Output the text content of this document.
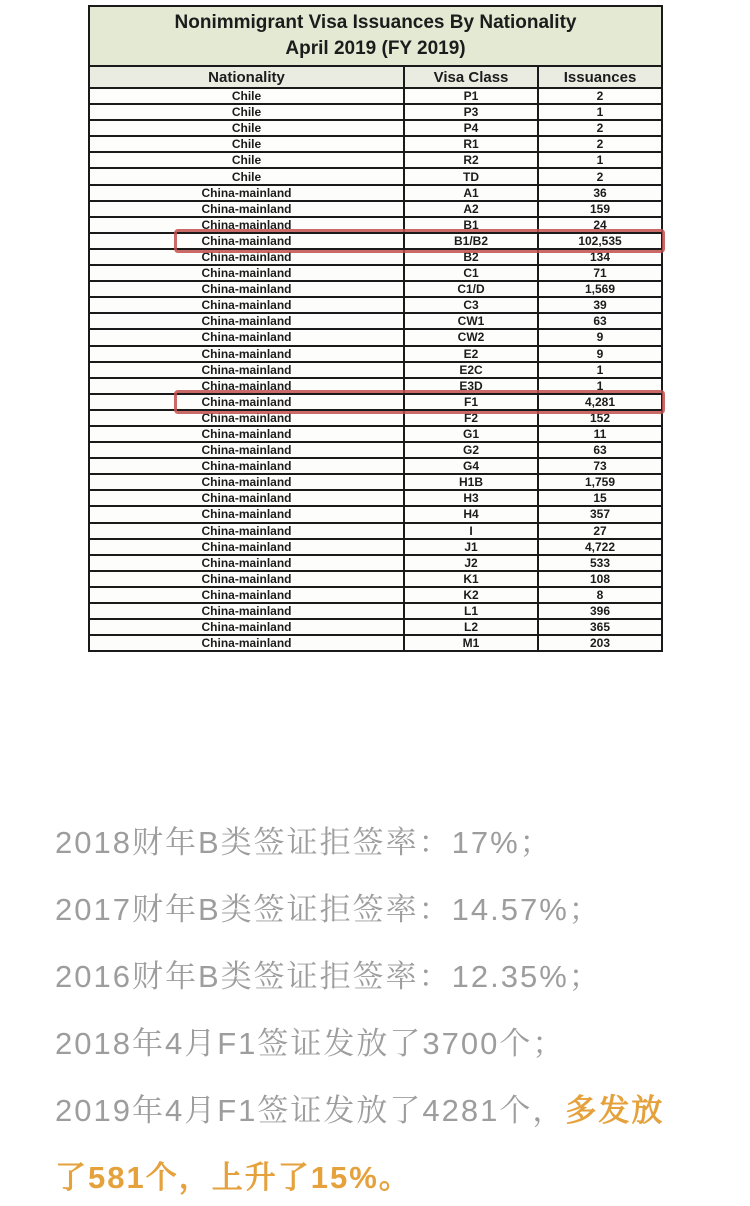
Nonimmigrant Visa Issuances By Nationality
April 2019 (FY 2019)		

Nationality	Visa Class	Issuances
Chile	P1	2
Chile	P3	1
Chile	P4	2
Chile	R1	2
Chile	R2	1
Chile	TD	2
China-mainland	A1	36
China-mainland	A2	159
China-mainland	B1	24
China-mainland	B1/B2	102,535
China-mainland	B2	134
China-mainland	C1	71
China-mainland	C1/D	1,569
China-mainland	C3	39
China-mainland	CW1	63
China-mainland	CW2	9
China-mainland	E2	9
China-mainland	E2C	1
China-mainland	E3D	1
China-mainland	F1	4,281
China-mainland	F2	152
China-mainland	G1	11
China-mainland	G2	63
China-mainland	G4	73
China-mainland	H1B	1,759
China-mainland	H3	15
China-mainland	H4	357
China-mainland	I	27
China-mainland	J1	4,722
China-mainland	J2	533
China-mainland	K1	108
China-mainland	K2	8
China-mainland	L1	396
China-mainland	L2	365
China-mainland	M1	203
2018财年B类签证拒签率：17%；
2017财年B类签证拒签率：14.57%；
2016财年B类签证拒签率：12.35%；
2018年4月F1签证发放了3700个；
2019年4月F1签证发放了4281个， 多发放
了581个，上升了15%。
